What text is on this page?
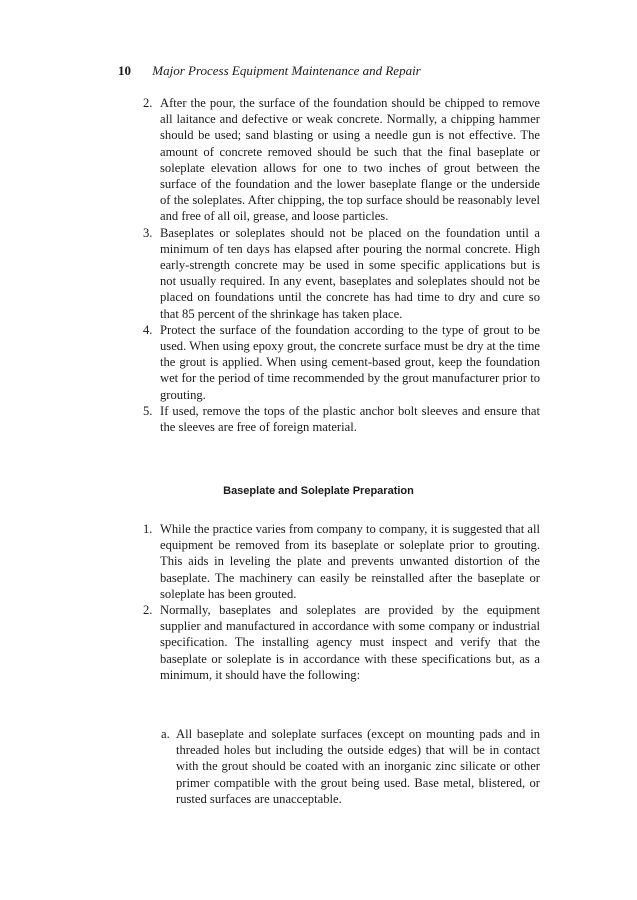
10 Major Process Equipment Maintenance and Repair
2. After the pour, the surface of the foundation should be chipped to remove all laitance and defective or weak concrete. Normally, a chipping hammer should be used; sand blasting or using a needle gun is not effective. The amount of concrete removed should be such that the final baseplate or soleplate elevation allows for one to two inches of grout between the surface of the foundation and the lower baseplate flange or the underside of the soleplates. After chipping, the top surface should be reasonably level and free of all oil, grease, and loose particles.
3. Baseplates or soleplates should not be placed on the foundation until a minimum of ten days has elapsed after pouring the normal concrete. High early-strength concrete may be used in some specific applications but is not usually required. In any event, baseplates and soleplates should not be placed on foundations until the concrete has had time to dry and cure so that 85 percent of the shrinkage has taken place.
4. Protect the surface of the foundation according to the type of grout to be used. When using epoxy grout, the concrete surface must be dry at the time the grout is applied. When using cement-based grout, keep the foundation wet for the period of time recommended by the grout manufacturer prior to grouting.
5. If used, remove the tops of the plastic anchor bolt sleeves and ensure that the sleeves are free of foreign material.
Baseplate and Soleplate Preparation
1. While the practice varies from company to company, it is suggested that all equipment be removed from its baseplate or soleplate prior to grouting. This aids in leveling the plate and prevents unwanted distortion of the baseplate. The machinery can easily be reinstalled after the baseplate or soleplate has been grouted.
2. Normally, baseplates and soleplates are provided by the equipment supplier and manufactured in accordance with some company or industrial specification. The installing agency must inspect and verify that the baseplate or soleplate is in accordance with these specifications but, as a minimum, it should have the following:
a. All baseplate and soleplate surfaces (except on mounting pads and in threaded holes but including the outside edges) that will be in contact with the grout should be coated with an inorganic zinc silicate or other primer compatible with the grout being used. Base metal, blistered, or rusted surfaces are unacceptable.
